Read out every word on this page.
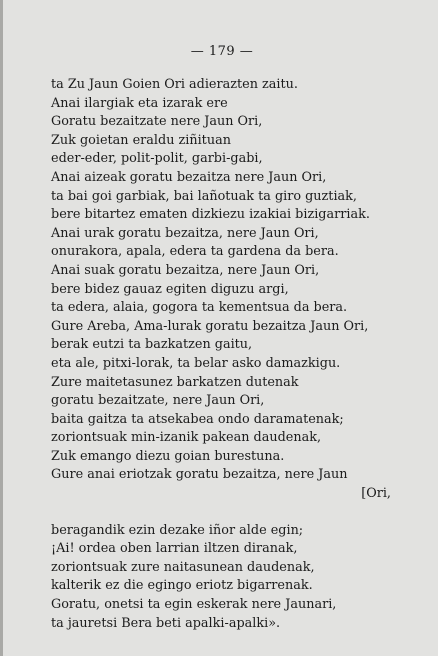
— 179 —
ta Zu Jaun Goien Ori adierazten zaitu.
Anai ilargiak eta izarak ere
Goratu bezaitzate nere Jaun Ori,
Zuk goietan eraldu ziñituan
eder-eder, polit-polit, garbi-gabi,
Anai aizeak goratu bezaitza nere Jaun Ori,
ta bai goi garbiak, bai lañotuak ta giro guztiak,
bere bitartez ematen dizkiezu izakiai bizigarriak.
Anai urak goratu bezaitza, nere Jaun Ori,
onurakora, apala, edera ta gardena da bera.
Anai suak goratu bezaitza, nere Jaun Ori,
bere bidez gauaz egiten diguzu argi,
ta edera, alaia, gogora ta kementsua da bera.
Gure Areba, Ama-lurak goratu bezaitza Jaun Ori,
berak eutzi ta bazkatzen gaitu,
eta ale, pitxi-lorak, ta belar asko damazkigu.
Zure maitetasunez barkatzen dutenak
goratu bezaitzate, nere Jaun Ori,
baita gaitza ta atsekabea ondo daramatenak;
zoriontsuak min-izanik pakean daudenak,
Zuk emango diezu goian burestuna.
Gure anai eriotzak goratu bezaitza, nere Jaun
[Ori,
beragandik ezin dezake iñor alde egin;
¡Ai! ordea oben larrian iltzen diranak,
zoriontsuak zure naitasunean daudenak,
kalterik ez die egingo eriotz bigarrenak.
Goratu, onetsi ta egin eskerak nere Jaunari,
ta jauretsi Bera beti apalki-apalki».
